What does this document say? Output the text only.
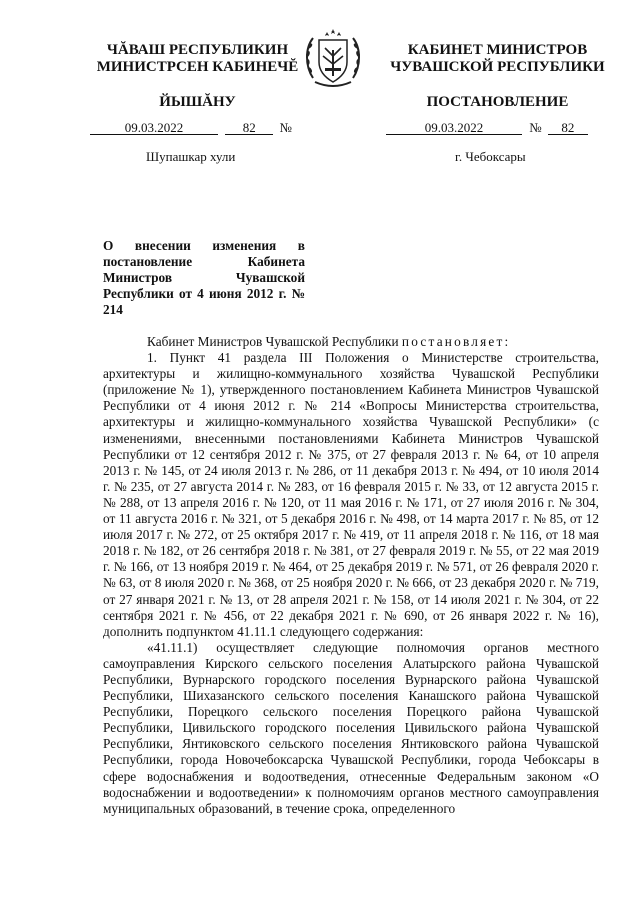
ЧĂВАШ РЕСПУБЛИКИН
МИНИСТРСЕН КАБИНЕЧĔ
ЙЫШĂНУ
КАБИНЕТ МИНИСТРОВ
ЧУВАШСКОЙ РЕСПУБЛИКИ
ПОСТАНОВЛЕНИЕ
09.03.2022	82 №	09.03.2022	№ 82
Шупашкар хули	г. Чебоксары
О внесении изменения в постановление Кабинета Министров Чувашской Республики от 4 июня 2012 г. № 214

Кабинет Министров Чувашской Республики постановляет:

1. Пункт 41 раздела III Положения о Министерстве строительства, архитектуры и жилищно-коммунального хозяйства Чувашской Республики (приложение № 1), утвержденного постановлением Кабинета Министров Чувашской Республики от 4 июня 2012 г. № 214 «Вопросы Министерства строительства, архитектуры и жилищно-коммунального хозяйства Чувашской Республики» (с изменениями, внесенными постановлениями Кабинета Министров Чувашской Республики от 12 сентября 2012 г. № 375, от 27 февраля 2013 г. № 64, от 10 апреля 2013 г. № 145, от 24 июля 2013 г. № 286, от 11 декабря 2013 г. № 494, от 10 июля 2014 г. № 235, от 27 августа 2014 г. № 283, от 16 февраля 2015 г. № 33, от 12 августа 2015 г. № 288, от 13 апреля 2016 г. № 120, от 11 мая 2016 г. № 171, от 27 июля 2016 г. № 304, от 11 августа 2016 г. № 321, от 5 декабря 2016 г. № 498, от 14 марта 2017 г. № 85, от 12 июля 2017 г. № 272, от 25 октября 2017 г. № 419, от 11 апреля 2018 г. № 116, от 18 мая 2018 г. № 182, от 26 сентября 2018 г. № 381, от 27 февраля 2019 г. № 55, от 22 мая 2019 г. № 166, от 13 ноября 2019 г. № 464, от 25 декабря 2019 г. № 571, от 26 февраля 2020 г. № 63, от 8 июля 2020 г. № 368, от 25 ноября 2020 г. № 666, от 23 декабря 2020 г. № 719, от 27 января 2021 г. № 13, от 28 апреля 2021 г. № 158, от 14 июля 2021 г. № 304, от 22 сентября 2021 г. № 456, от 22 декабря 2021 г. № 690, от 26 января 2022 г. № 16), дополнить подпунктом 41.11.1 следующего содержания:

«41.11.1) осуществляет следующие полномочия органов местного самоуправления Кирского сельского поселения Алатырского района Чувашской Республики, Вурнарского городского поселения Вурнарского района Чувашской Республики, Шихазанского сельского поселения Канашского района Чувашской Республики, Порецкого сельского поселения Порецкого района Чувашской Республики, Цивильского городского поселения Цивильского района Чувашской Республики, Янтиковского сельского поселения Янтиковского района Чувашской Республики, города Новочебоксарска Чувашской Республики, города Чебоксары в сфере водоснабжения и водоотведения, отнесенные Федеральным законом «О водоснабжении и водоотведении» к полномочиям органов местного самоуправления муниципальных образований, в течение срока, определенного
